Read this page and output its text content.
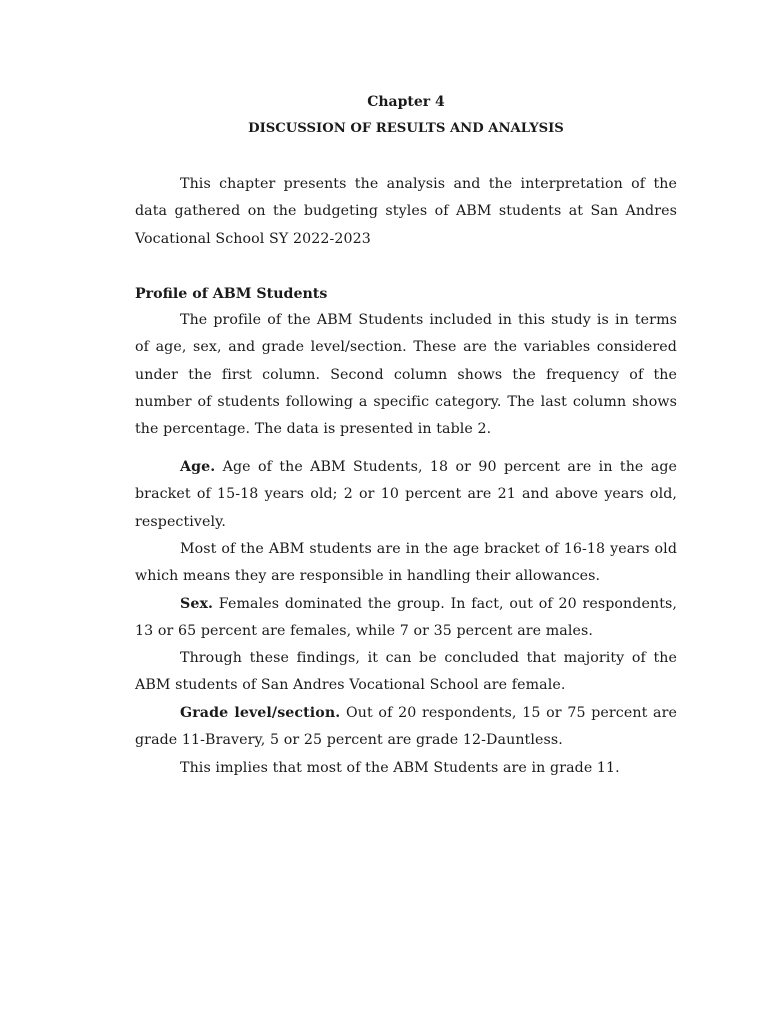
Chapter 4
DISCUSSION OF RESULTS AND ANALYSIS

This chapter presents the analysis and the interpretation of the data gathered on the budgeting styles of ABM students at San Andres Vocational School SY 2022-2023

Profile of ABM Students

The profile of the ABM Students included in this study is in terms of age, sex, and grade level/section. These are the variables considered under the first column. Second column shows the frequency of the number of students following a specific category. The last column shows the percentage. The data is presented in table 2.

Age. Age of the ABM Students, 18 or 90 percent are in the age bracket of 15-18 years old; 2 or 10 percent are 21 and above years old, respectively.

Most of the ABM students are in the age bracket of 16-18 years old which means they are responsible in handling their allowances.

Sex. Females dominated the group. In fact, out of 20 respondents, 13 or 65 percent are females, while 7 or 35 percent are males.

Through these findings, it can be concluded that majority of the ABM students of San Andres Vocational School are female.

Grade level/section. Out of 20 respondents, 15 or 75 percent are grade 11-Bravery, 5 or 25 percent are grade 12-Dauntless.

This implies that most of the ABM Students are in grade 11.
